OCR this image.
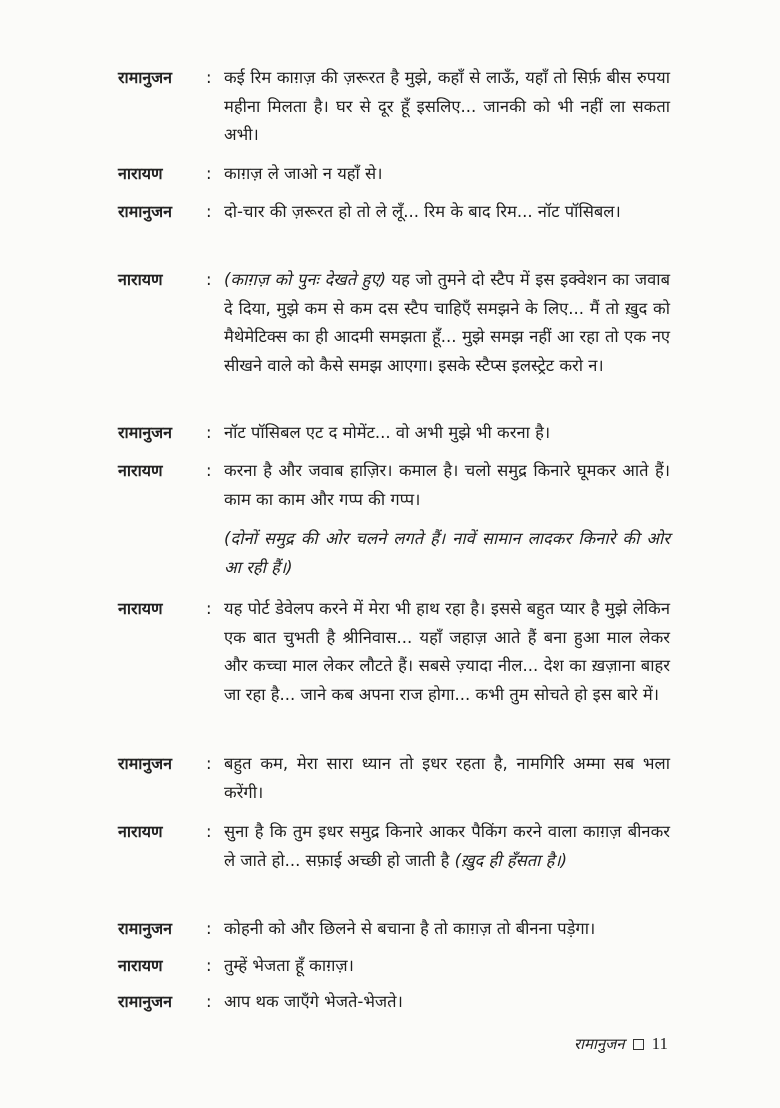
रामानुजन : कई रिम काग़ज़ की ज़रूरत है मुझे, कहाँ से लाऊँ, यहाँ तो सिर्फ़ बीस रुपया महीना मिलता है। घर से दूर हूँ इसलिए... जानकी को भी नहीं ला सकता अभी।
नारायण	: काग़ज़ ले जाओ न यहाँ से।
रामानुजन : दो-चार की ज़रूरत हो तो ले लूँ... रिम के बाद रिम... नॉट पॉसिबल।
नारायण	: (काग़ज़ को पुनः देखते हुए) यह जो तुमने दो स्टैप में इस इक्वेशन का जवाब दे दिया, मुझे कम से कम दस स्टैप चाहिएँ समझने के लिए... मैं तो ख़ुद को मैथेमेटिक्स का ही आदमी समझता हूँ... मुझे समझ नहीं आ रहा तो एक नए सीखने वाले को कैसे समझ आएगा। इसके स्टैप्स इलस्ट्रेट करो न।
रामानुजन : नॉट पॉसिबल एट द मोमेंट... वो अभी मुझे भी करना है।
नारायण	: करना है और जवाब हाज़िर। कमाल है। चलो समुद्र किनारे घूमकर आते हैं। काम का काम और गप्प की गप्प।
नारायण	: यह पोर्ट डेवेलप करने में मेरा भी हाथ रहा है। इससे बहुत प्यार है मुझे लेकिन एक बात चुभती है श्रीनिवास... यहाँ जहाज़ आते हैं बना हुआ माल लेकर और कच्चा माल लेकर लौटते हैं। सबसे ज़्यादा नील... देश का ख़ज़ाना बाहर जा रहा है... जाने कब अपना राज होगा... कभी तुम सोचते हो इस बारे में।
रामानुजन : बहुत कम, मेरा सारा ध्यान तो इधर रहता है, नामगिरि अम्मा सब भला करेंगी।
नारायण	: सुना है कि तुम इधर समुद्र किनारे आकर पैकिंग करने वाला काग़ज़ बीनकर ले जाते हो... सफ़ाई अच्छी हो जाती है (ख़ुद ही हँसता है।)
रामानुजन : कोहनी को और छिलने से बचाना है तो काग़ज़ तो बीनना पड़ेगा।
नारायण	: तुम्हें भेजता हूँ काग़ज़।
रामानुजन : आप थक जाएँगे भेजते-भेजते।
(दोनों समुद्र की ओर चलने लगते हैं। नावें सामान लादकर किनारे की ओर आ रही हैं।)
रामानुजन 11
